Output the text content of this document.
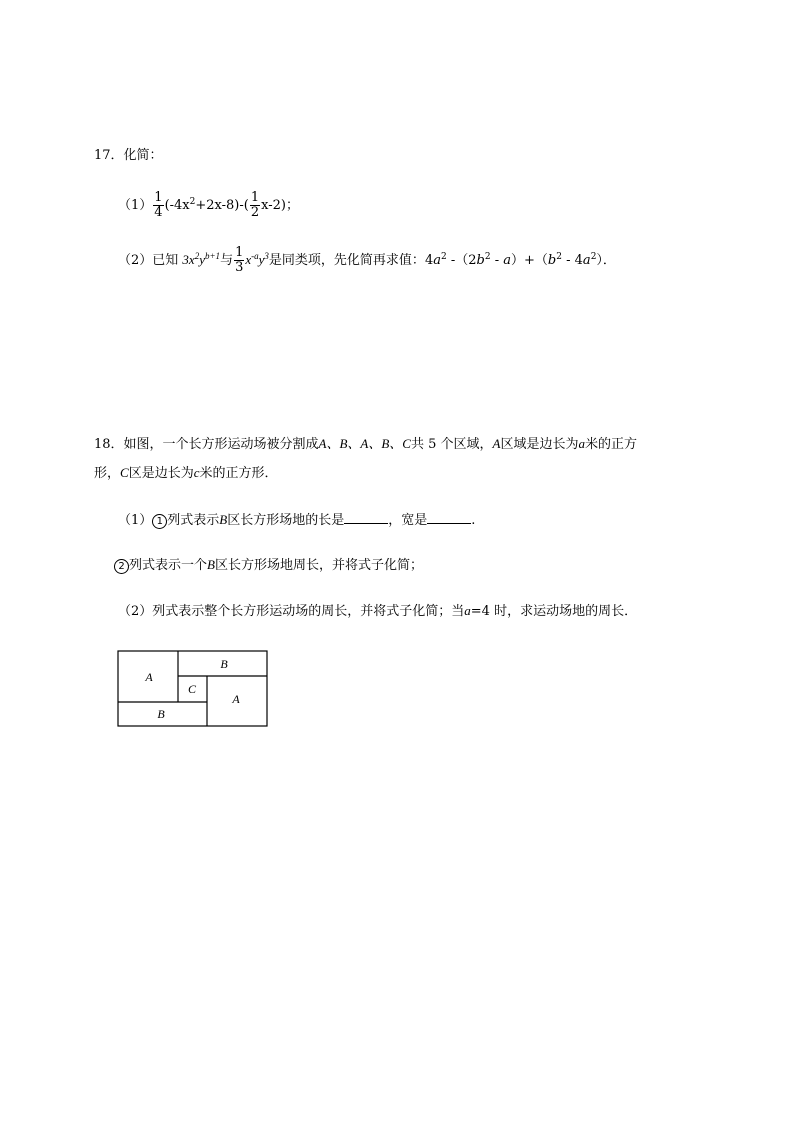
17．化简：
$(1) \frac{1}{4} (-4x^2+2x-8)-( \frac{1}{2} x-2)$；
（2）已知 $3x^2y^{b+1}$与 $\frac{1}{3} x^{-a}y^3$是同类项，先化简再求值：$4a^2$ $-(2b^2 - a)+(b^2 - 4a^2)$．
18．如图，一个长方形运动场被分割成A、B、A、B、C共 5 个区域，A区域是边长为a米的正方
形，C区是边长为c米的正方形．
（1） 1 列式表示B区长方形场地的长是	，宽是	.
2 列式表示一个B区长方形场地周长，并将式子化简；
（2）列式表示整个长方形运动场的周长，并将式子化简；当a=4 时，求运动场地的周长．
A
B
C
A
B
